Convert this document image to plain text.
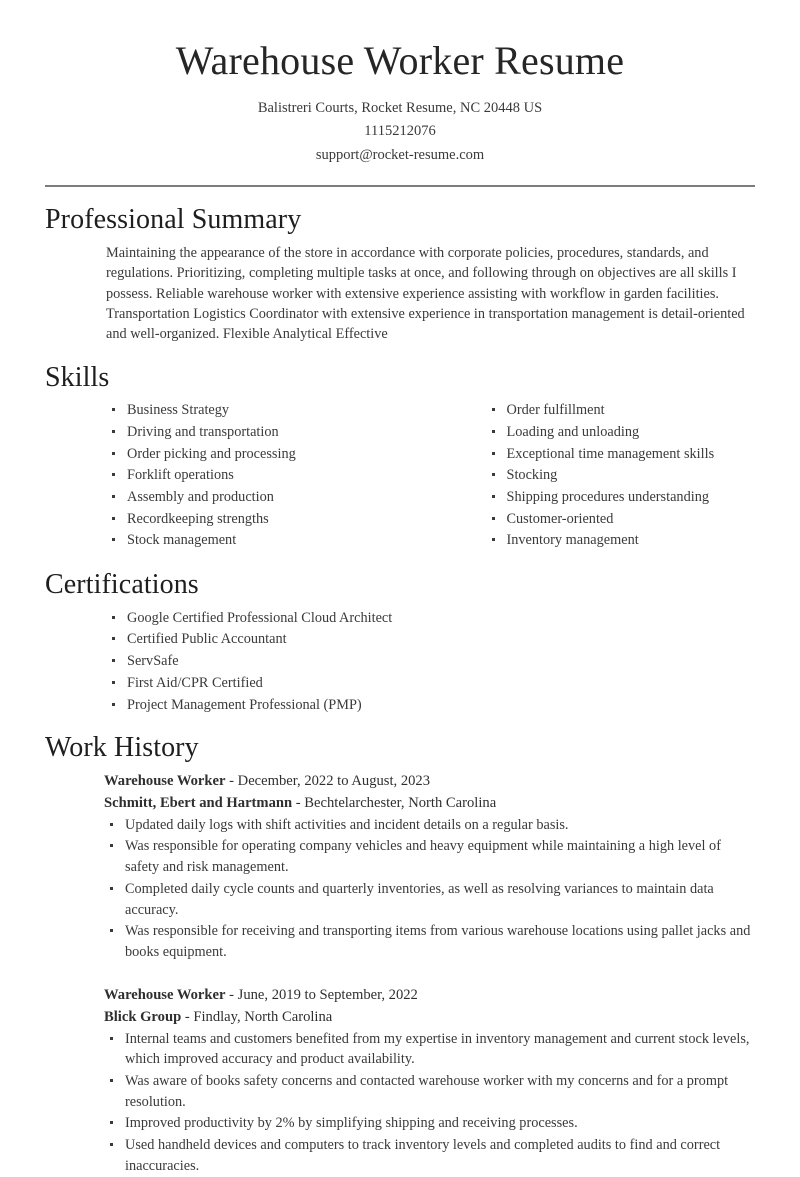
Warehouse Worker Resume
Balistreri Courts, Rocket Resume, NC 20448 US
1115212076
support@rocket-resume.com
Professional Summary

Maintaining the appearance of the store in accordance with corporate policies, procedures, standards, and regulations. Prioritizing, completing multiple tasks at once, and following through on objectives are all skills I possess. Reliable warehouse worker with extensive experience assisting with workflow in garden facilities. Transportation Logistics Coordinator with extensive experience in transportation management is detail-oriented and well-organized. Flexible Analytical Effective

Skills
Business Strategy
Driving and transportation
Order picking and processing
Forklift operations
Assembly and production
Recordkeeping strengths
Stock management
Order fulfillment
Loading and unloading
Exceptional time management skills
Stocking
Shipping procedures understanding
Customer-oriented
Inventory management
Certifications
Google Certified Professional Cloud Architect
Certified Public Accountant
ServSafe
First Aid/CPR Certified
Project Management Professional (PMP)
Work History
Warehouse Worker - December, 2022 to August, 2023
Schmitt, Ebert and Hartmann - Bechtelarchester, North Carolina
Updated daily logs with shift activities and incident details on a regular basis.
Was responsible for operating company vehicles and heavy equipment while maintaining a high level of safety and risk management.
Completed daily cycle counts and quarterly inventories, as well as resolving variances to maintain data accuracy.
Was responsible for receiving and transporting items from various warehouse locations using pallet jacks and books equipment.
Warehouse Worker - June, 2019 to September, 2022
Blick Group - Findlay, North Carolina
Internal teams and customers benefited from my expertise in inventory management and current stock levels, which improved accuracy and product availability.
Was aware of books safety concerns and contacted warehouse worker with my concerns and for a prompt resolution.
Improved productivity by 2% by simplifying shipping and receiving processes.
Used handheld devices and computers to track inventory levels and completed audits to find and correct inaccuracies.
